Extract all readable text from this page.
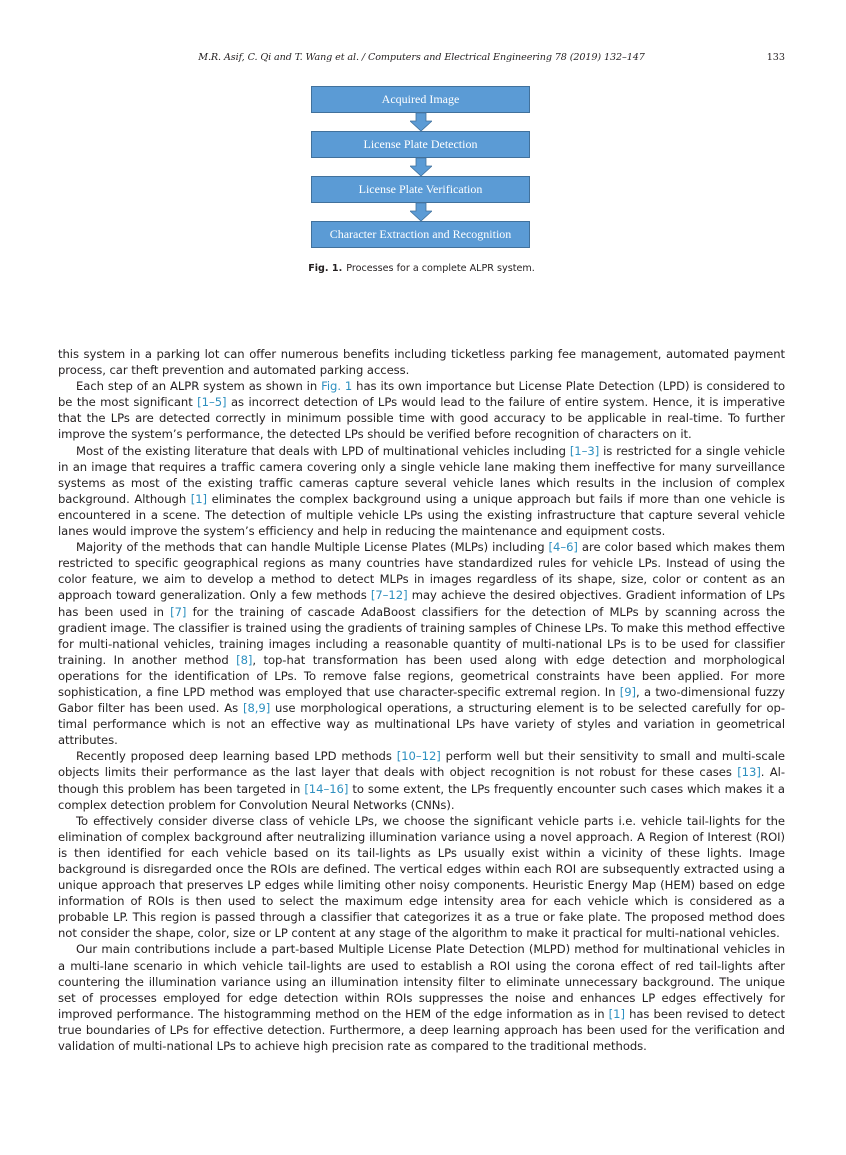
M.R. Asif, C. Qi and T. Wang et al. / Computers and Electrical Engineering 78 (2019) 132–147	133
Acquired Image
License Plate Detection
License Plate Verification
Character Extraction and Recognition
Fig. 1. Processes for a complete ALPR system.

this system in a parking lot can offer numerous benefits including ticketless parking fee management, automated payment process, car theft prevention and automated parking access.

Each step of an ALPR system as shown in Fig. 1 has its own importance but License Plate Detection (LPD) is considered to be the most significant [1–5] as incorrect detection of LPs would lead to the failure of entire system. Hence, it is imperative that the LPs are detected correctly in minimum possible time with good accuracy to be applicable in real-time. To further improve the system’s performance, the detected LPs should be verified before recognition of characters on it.

Most of the existing literature that deals with LPD of multinational vehicles including [1–3] is restricted for a single vehicle in an image that requires a traffic camera covering only a single vehicle lane making them ineffective for many surveillance systems as most of the existing traffic cameras capture several vehicle lanes which results in the inclusion of complex background. Although [1] eliminates the complex background using a unique approach but fails if more than one vehicle is encountered in a scene. The detection of multiple vehicle LPs using the existing infrastructure that capture several vehicle lanes would improve the system’s efficiency and help in reducing the maintenance and equipment costs.

Majority of the methods that can handle Multiple License Plates (MLPs) including [4–6] are color based which makes them restricted to specific geographical regions as many countries have standardized rules for vehicle LPs. Instead of using the color feature, we aim to develop a method to detect MLPs in images regardless of its shape, size, color or content as an approach toward generalization. Only a few methods [7–12] may achieve the desired objectives. Gradient information of LPs has been used in [7] for the training of cascade AdaBoost classifiers for the detection of MLPs by scanning across the gradient image. The classifier is trained using the gradients of training samples of Chinese LPs. To make this method effective for multi-national vehicles, training images including a reasonable quantity of multi-national LPs is to be used for classifier training. In another method [8], top-hat transformation has been used along with edge detection and morphological operations for the identification of LPs. To remove false regions, geometrical constraints have been applied. For more sophistication, a fine LPD method was employed that use character-specific extremal region. In [9], a two-dimensional fuzzy Gabor filter has been used. As [8,9] use morphological operations, a structuring element is to be selected carefully for optimal performance which is not an effective way as multinational LPs have variety of styles and variation in geometrical attributes.

Recently proposed deep learning based LPD methods [10–12] perform well but their sensitivity to small and multi-scale objects limits their performance as the last layer that deals with object recognition is not robust for these cases [13]. Although this problem has been targeted in [14–16] to some extent, the LPs frequently encounter such cases which makes it a complex detection problem for Convolution Neural Networks (CNNs).

To effectively consider diverse class of vehicle LPs, we choose the significant vehicle parts i.e. vehicle tail-lights for the elimination of complex background after neutralizing illumination variance using a novel approach. A Region of Interest (ROI) is then identified for each vehicle based on its tail-lights as LPs usually exist within a vicinity of these lights. Image background is disregarded once the ROIs are defined. The vertical edges within each ROI are subsequently extracted using a unique approach that preserves LP edges while limiting other noisy components. Heuristic Energy Map (HEM) based on edge information of ROIs is then used to select the maximum edge intensity area for each vehicle which is considered as a probable LP. This region is passed through a classifier that categorizes it as a true or fake plate. The proposed method does not consider the shape, color, size or LP content at any stage of the algorithm to make it practical for multi-national vehicles.

Our main contributions include a part-based Multiple License Plate Detection (MLPD) method for multinational vehicles in a multi-lane scenario in which vehicle tail-lights are used to establish a ROI using the corona effect of red tail-lights after countering the illumination variance using an illumination intensity filter to eliminate unnecessary background. The unique set of processes employed for edge detection within ROIs suppresses the noise and enhances LP edges effectively for improved performance. The histogramming method on the HEM of the edge information as in [1] has been revised to detect true boundaries of LPs for effective detection. Furthermore, a deep learning approach has been used for the verification and validation of multi-national LPs to achieve high precision rate as compared to the traditional methods.
